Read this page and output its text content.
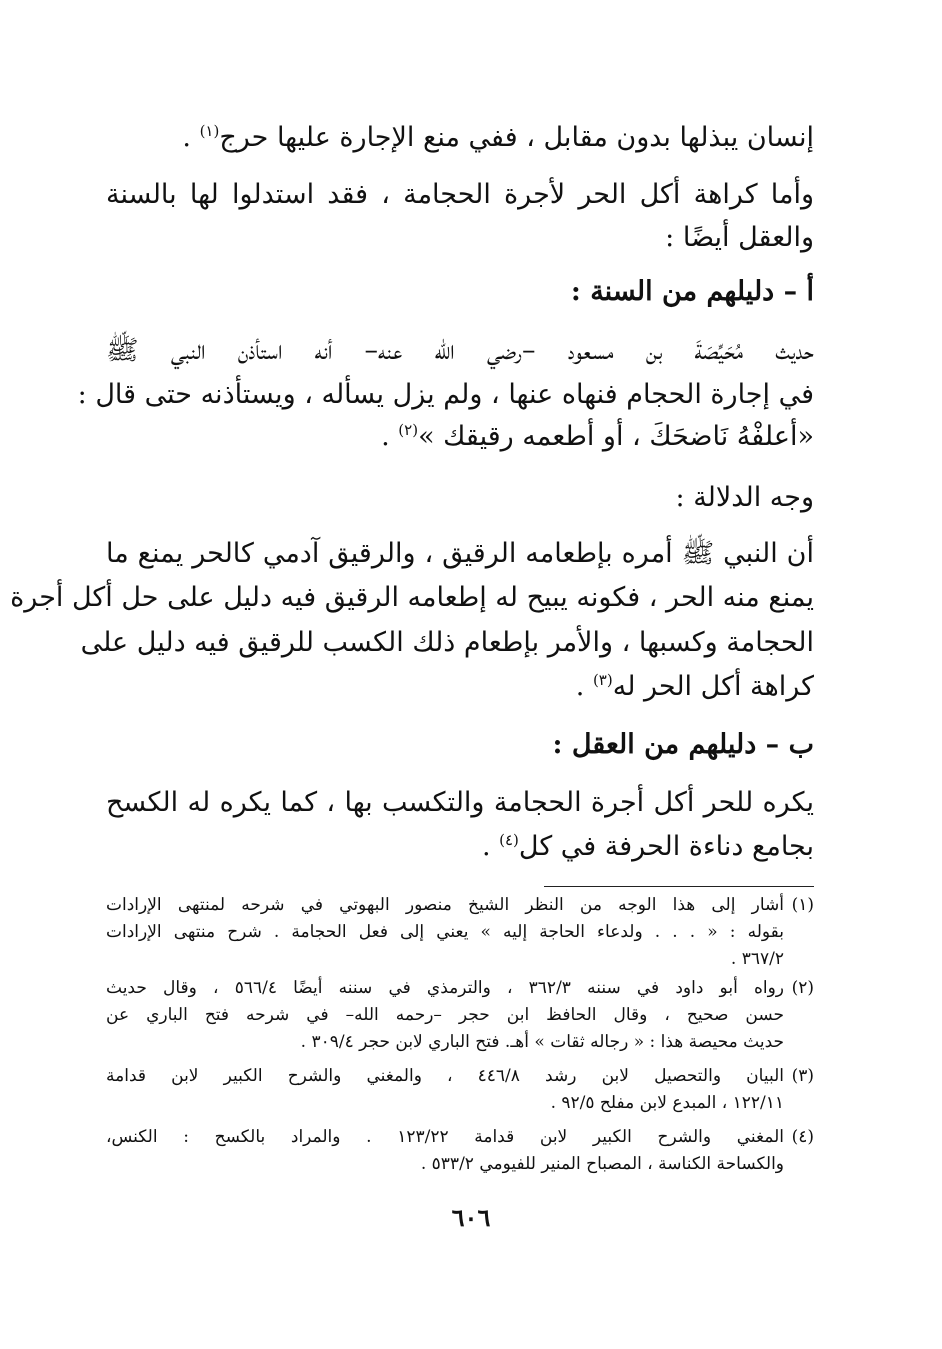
إنسان يبذلها بدون مقابل ، ففي منع الإجارة عليها حرج$^{(١)}$ .
وأما كراهة أكل الحر لأجرة الحجامة ، فقد استدلوا لها بالسنة
والعقل أيضًا :
أ – دليلهم من السنة :
حديث مُحَيِّصَةَ بن مسعود –رضي الله عنه– أنه استأذن النبي ﷺ
في إجارة الحجام فنهاه عنها ، ولم يزل يسأله ، ويستأذنه حتى قال :
«أعلفْهُ نَاضحَكَ ، أو أطعمه رقيقك »$^{(٢)}$ .
وجه الدلالة :
أن النبي ﷺ أمره بإطعامه الرقيق ، والرقيق آدمي كالحر يمنع ما
يمنع منه الحر ، فكونه يبيح له إطعامه الرقيق فيه دليل على حل أكل أجرة
الحجامة وكسبها ، والأمر بإطعام ذلك الكسب للرقيق فيه دليل على
كراهة أكل الحر له$^{(٣)}$ .
ب – دليلهم من العقل :
يكره للحر أكل أجرة الحجامة والتكسب بها ، كما يكره له الكسح
بجامع دناءة الحرفة في كل$^{(٤)}$ .
(١)أشار إلى هذا الوجه من النظر الشيخ منصور البهوتي في شرحه لمنتهى الإرادات
بقوله : « . . . ولدعاء الحاجة إليه » يعني إلى فعل الحجامة . شرح منتهى الإرادات
٣٦٧/٢ .
(٢)رواه أبو داود في سننه ٣٦٢/٣ ، والترمذي في سننه أيضًا ٥٦٦/٤ ، وقال حديث
حسن صحيح ، وقال الحافظ ابن حجر –رحمه الله– في شرحه فتح الباري عن
حديث محيصة هذا : « رجاله ثقات » أهـ. فتح الباري لابن حجر ٣٠٩/٤ .
(٣)البيان والتحصيل لابن رشد ٤٤٦/٨ ، والمغني والشرح الكبير لابن قدامة
١٢٢/١١ ، المبدع لابن مفلح ٩٢/٥ .
(٤)المغني والشرح الكبير لابن قدامة ١٢٣/٢٢ . والمراد بالكسح : الكنس،
والكساحة الكناسة ، المصباح المنير للفيومي ٥٣٣/٢ .
٦٠٦
